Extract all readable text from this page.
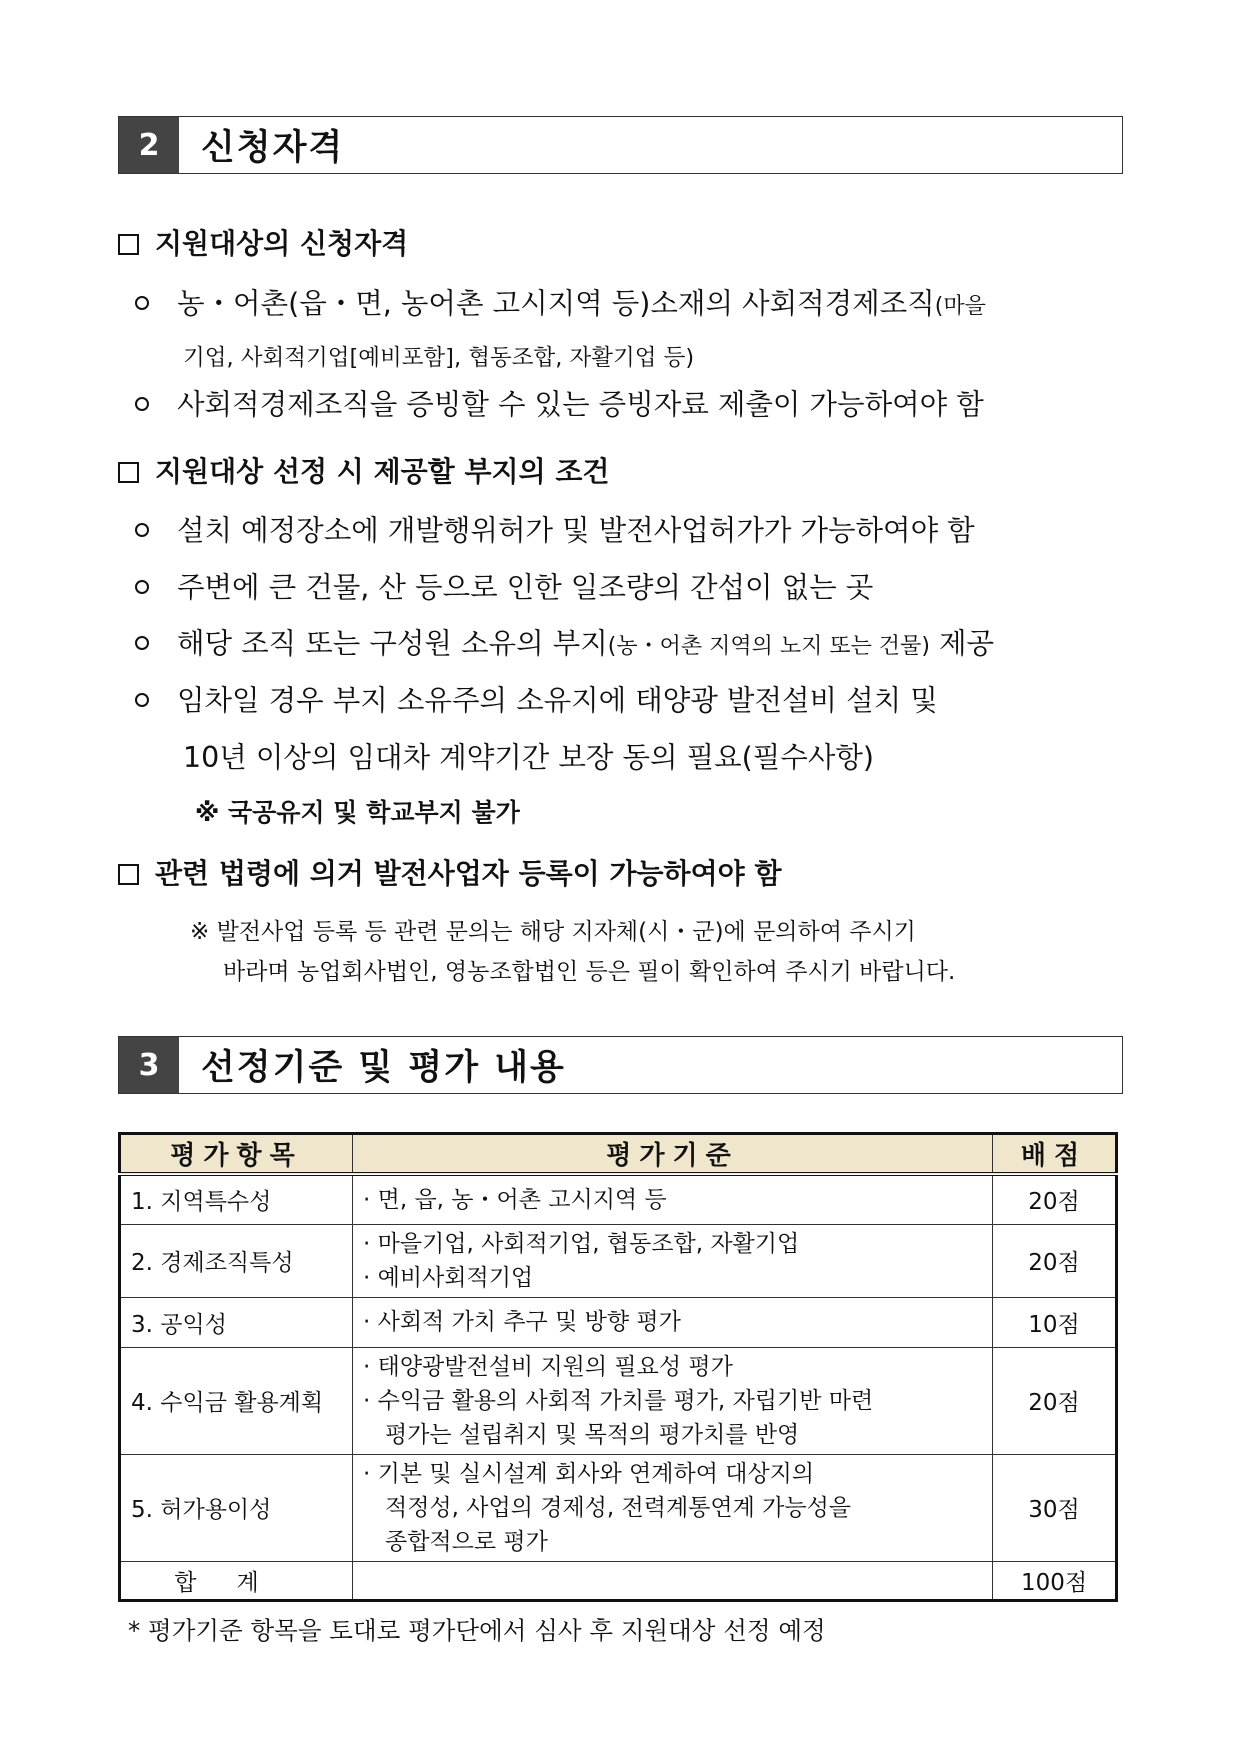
2	신청자격
지원대상의 신청자격
농・어촌(읍・면, 농어촌 고시지역 등)소재의 사회적경제조직(마을
기업, 사회적기업[예비포함], 협동조합, 자활기업 등)
사회적경제조직을 증빙할 수 있는 증빙자료 제출이 가능하여야 함
지원대상 선정 시 제공할 부지의 조건
설치 예정장소에 개발행위허가 및 발전사업허가가 가능하여야 함
주변에 큰 건물, 산 등으로 인한 일조량의 간섭이 없는 곳
해당 조직 또는 구성원 소유의 부지(농・어촌 지역의 노지 또는 건물) 제공
임차일 경우 부지 소유주의 소유지에 태양광 발전설비 설치 및
10년 이상의 임대차 계약기간 보장 동의 필요(필수사항)
※ 국공유지 및 학교부지 불가
관련 법령에 의거 발전사업자 등록이 가능하여야 함
※ 발전사업 등록 등 관련 문의는 해당 지자체(시・군)에 문의하여 주시기
바라며 농업회사법인, 영농조합법인 등은 필이 확인하여 주시기 바랍니다.
3	선정기준 및 평가 내용
평가항목	평가기준	배점
1. 지역특수성	· 면, 읍, 농・어촌 고시지역 등	20점
2. 경제조직특성	· 마을기업, 사회적기업, 협동조합, 자활기업
· 예비사회적기업	20점
3. 공익성	· 사회적 가치 추구 및 방향 평가	10점
4. 수익금 활용계획	· 태양광발전설비 지원의 필요성 평가
· 수익금 활용의 사회적 가치를 평가, 자립기반 마련
평가는 설립취지 및 목적의 평가치를 반영	20점
5. 허가용이성	· 기본 및 실시설계 회사와 연계하여 대상지의
적정성, 사업의 경제성, 전력계통연계 가능성을
종합적으로 평가	30점
합계		100점
* 평가기준 항목을 토대로 평가단에서 심사 후 지원대상 선정 예정
